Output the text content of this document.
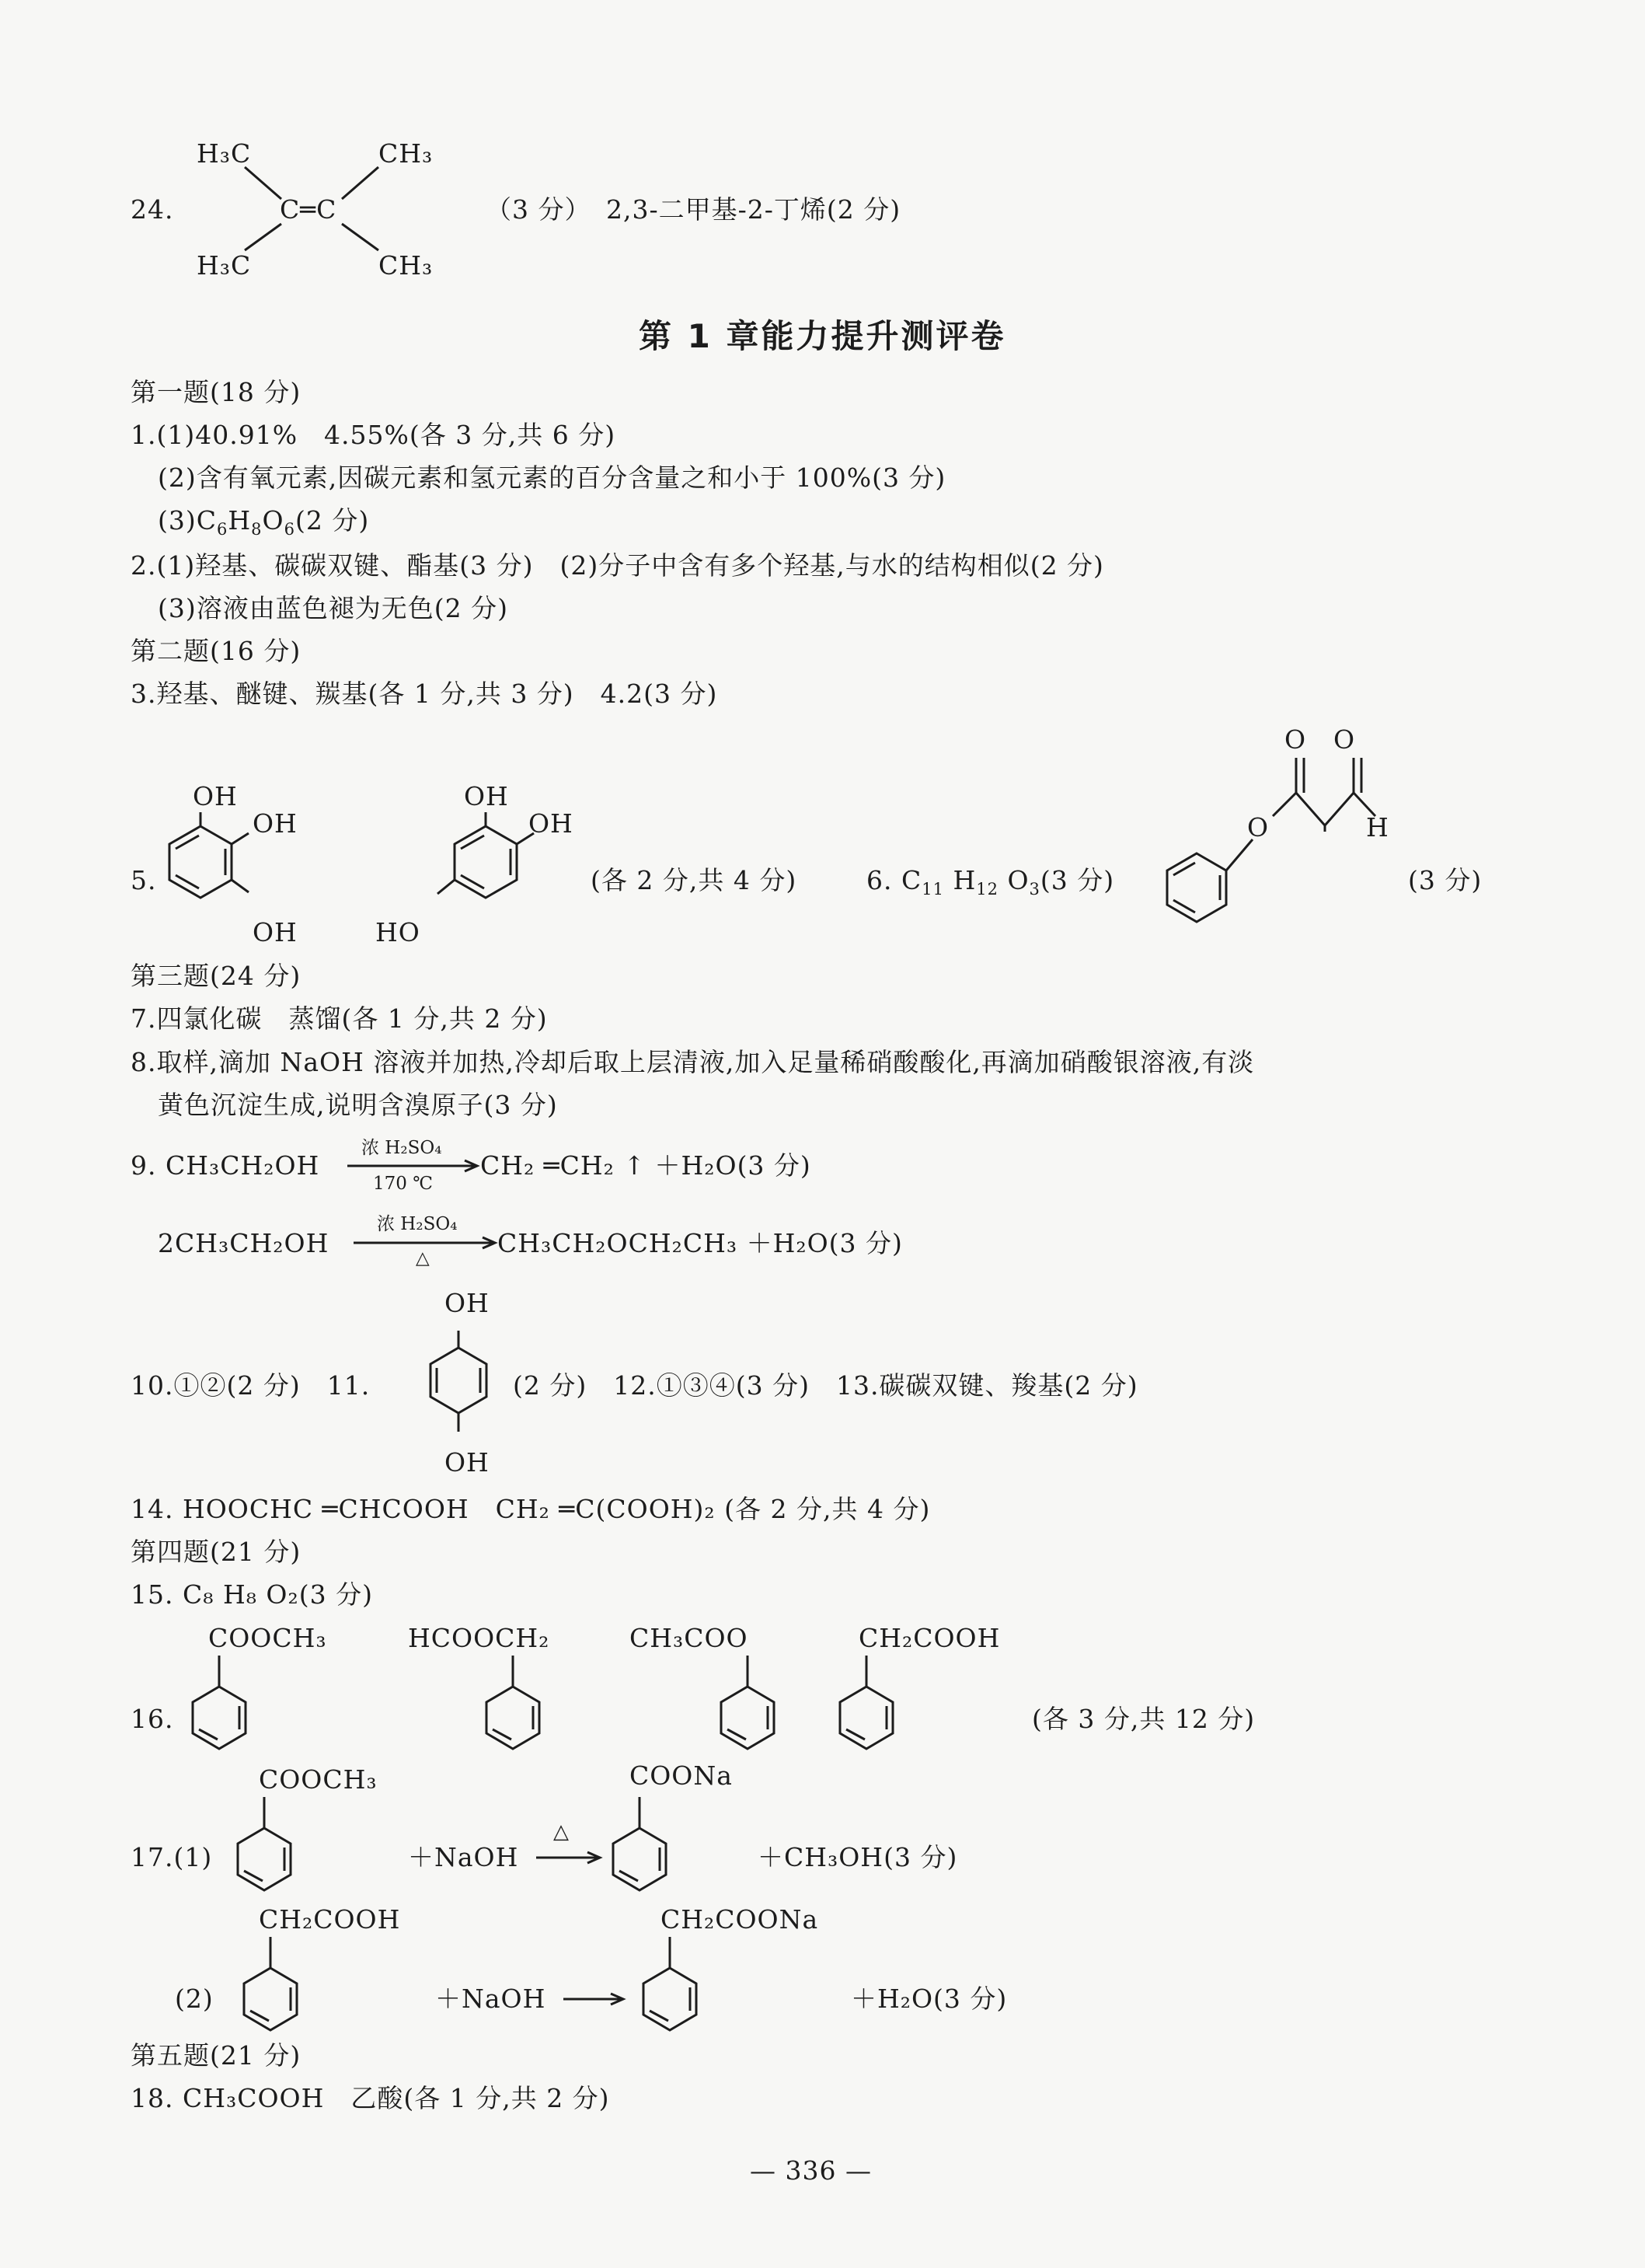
24.
H₃C	CH₃
H₃C	CH₃
C═C	（3 分） 2,3-二甲基-2-丁烯(2 分)
第 1 章能力提升测评卷
第一题(18 分)
1.(1)40.91%　4.55%(各 3 分,共 6 分)
(2)含有氧元素,因碳元素和氢元素的百分含量之和小于 100%(3 分)
$(3)C_6H_8O_6(2$ 分)
2.(1)羟基、碳碳双键、酯基(3 分)　(2)分子中含有多个羟基,与水的结构相似(2 分)
(3)溶液由蓝色褪为无色(2 分)
第二题(16 分)
3.羟基、醚键、羰基(各 1 分,共 3 分)　4.2(3 分)
5.
OH
OH
OH
OH
OH
HO
(各 2 分,共 4 分)	6. $C_{11}$ $H_{12}$ $O_3(3$ 分)
O
O O
H
(3 分)
第三题(24 分)
7.四氯化碳　蒸馏(各 1 分,共 2 分)
8.取样,滴加 NaOH 溶液并加热,冷却后取上层清液,加入足量稀硝酸酸化,再滴加硝酸银溶液,有淡
黄色沉淀生成,说明含溴原子(3 分)
9. CH₃CH₂OH
浓 H₂SO₄
170 ℃
CH₂ ═CH₂ ↑ ＋H₂O(3 分)
2CH₃CH₂OH
浓 H₂SO₄
△	CH₃CH₂OCH₂CH₃ ＋H₂O(3 分)
10.①②(2 分)　11.
OH
OH
(2 分)　12.①③④(3 分)　13.碳碳双键、羧基(2 分)
14. HOOCHC ═CHCOOH　CH₂ ═C(COOH)₂ (各 2 分,共 4 分)
第四题(21 分)
15. C₈ H₈ O₂(3 分)
16.
COOCH₃	HCOOCH₂	CH₃COO	CH₂COOH
(各 3 分,共 12 分)
17.(1)
COOCH₃
＋NaOH
△
COONa
＋CH₃OH(3 分)
(2)
CH₂COOH
＋NaOH
CH₂COONa
＋H₂O(3 分)
第五题(21 分)
18. CH₃COOH　乙酸(各 1 分,共 2 分)
— 336 —
